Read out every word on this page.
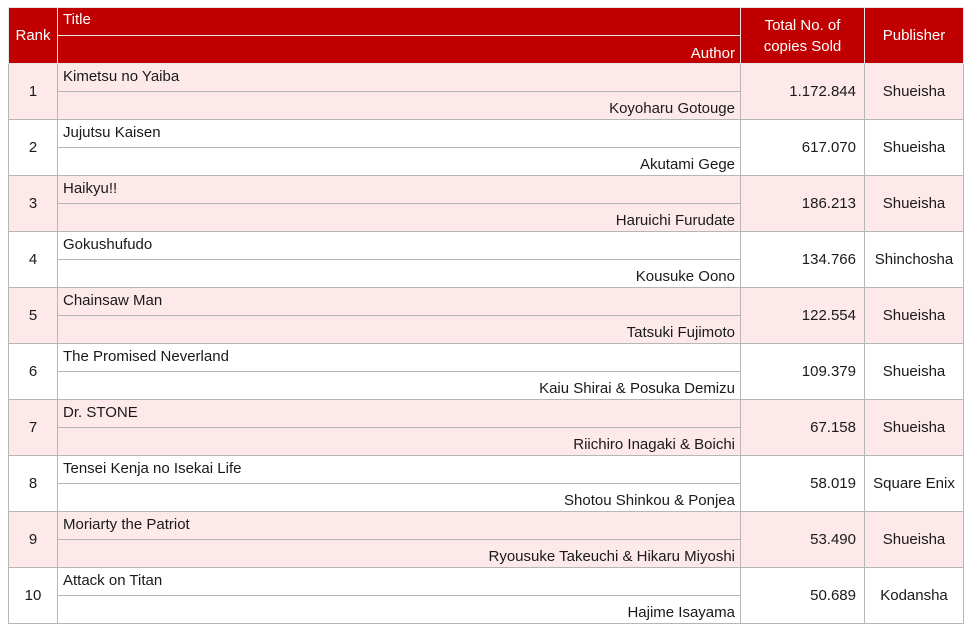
Rank	Title	Total No. of copies Sold	Publisher
	Author		
1	Kimetsu no Yaiba	1.172.844	Shueisha
	Koyoharu Gotouge		
2	Jujutsu Kaisen	617.070	Shueisha
	Akutami Gege		
3	Haikyu!!	186.213	Shueisha
	Haruichi Furudate		
4	Gokushufudo	134.766	Shinchosha
	Kousuke Oono		
5	Chainsaw Man	122.554	Shueisha
	Tatsuki Fujimoto		
6	The Promised Neverland	109.379	Shueisha
	Kaiu Shirai & Posuka Demizu		
7	Dr. STONE	67.158	Shueisha
	Riichiro Inagaki & Boichi		
8	Tensei Kenja no Isekai Life	58.019	Square Enix
	Shotou Shinkou & Ponjea		
9	Moriarty the Patriot	53.490	Shueisha
	Ryousuke Takeuchi & Hikaru Miyoshi		
10	Attack on Titan	50.689	Kodansha
	Hajime Isayama		
